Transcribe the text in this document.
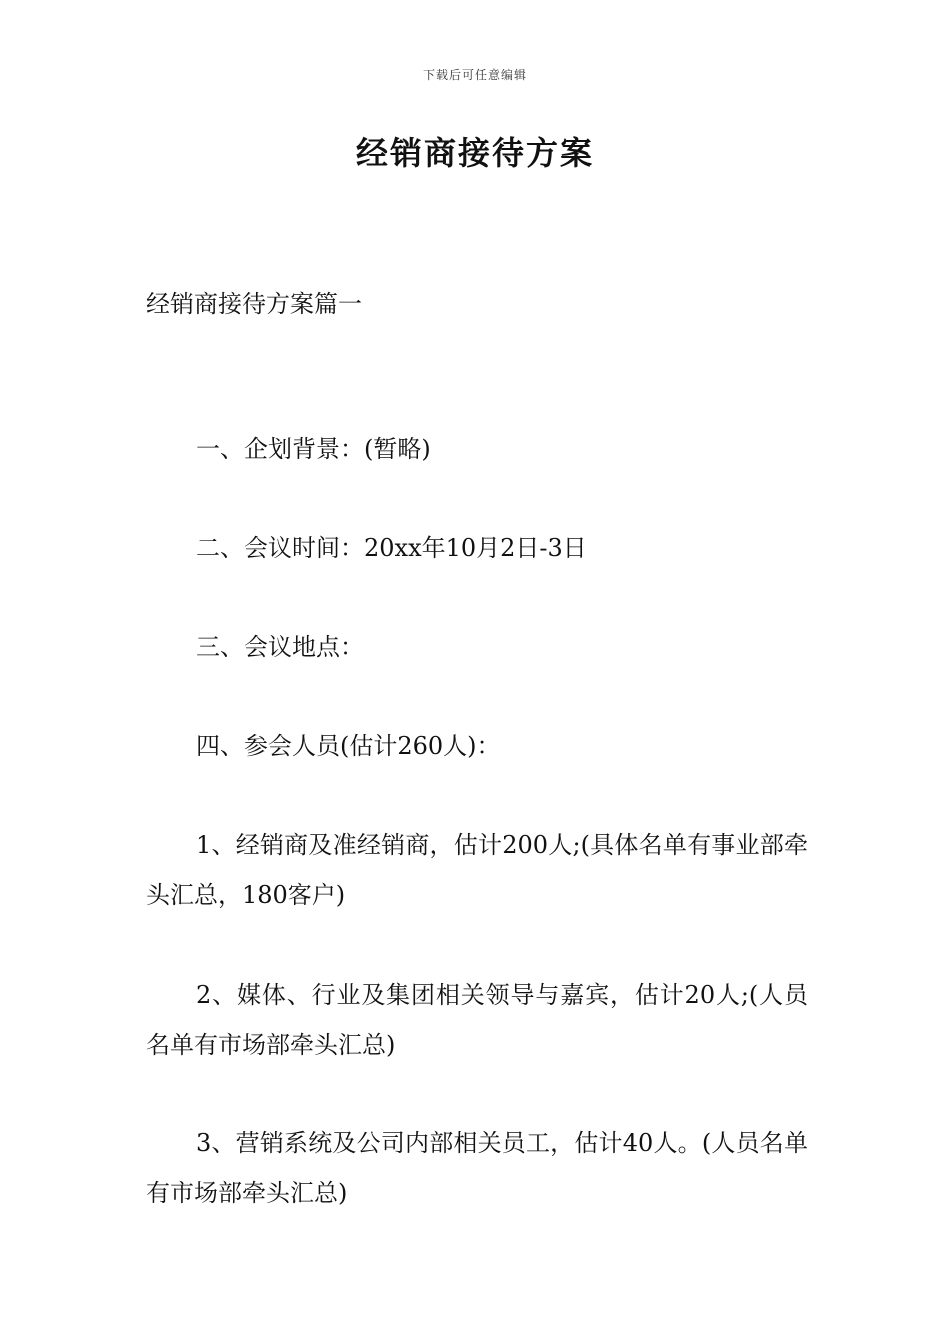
下载后可任意编辑
经销商接待方案
经销商接待方案篇一
一、企划背景：(暂略)
二、会议时间：20xx年10月2日-3日
三、会议地点：
四、参会人员(估计260人)：
1、经销商及准经销商，估计200人;(具体名单有事业部牵头汇总，180客户)
2、媒体、行业及集团相关领导与嘉宾，估计20人;(人员名单有市场部牵头汇总)
3、营销系统及公司内部相关员工，估计40人。(人员名单有市场部牵头汇总)
